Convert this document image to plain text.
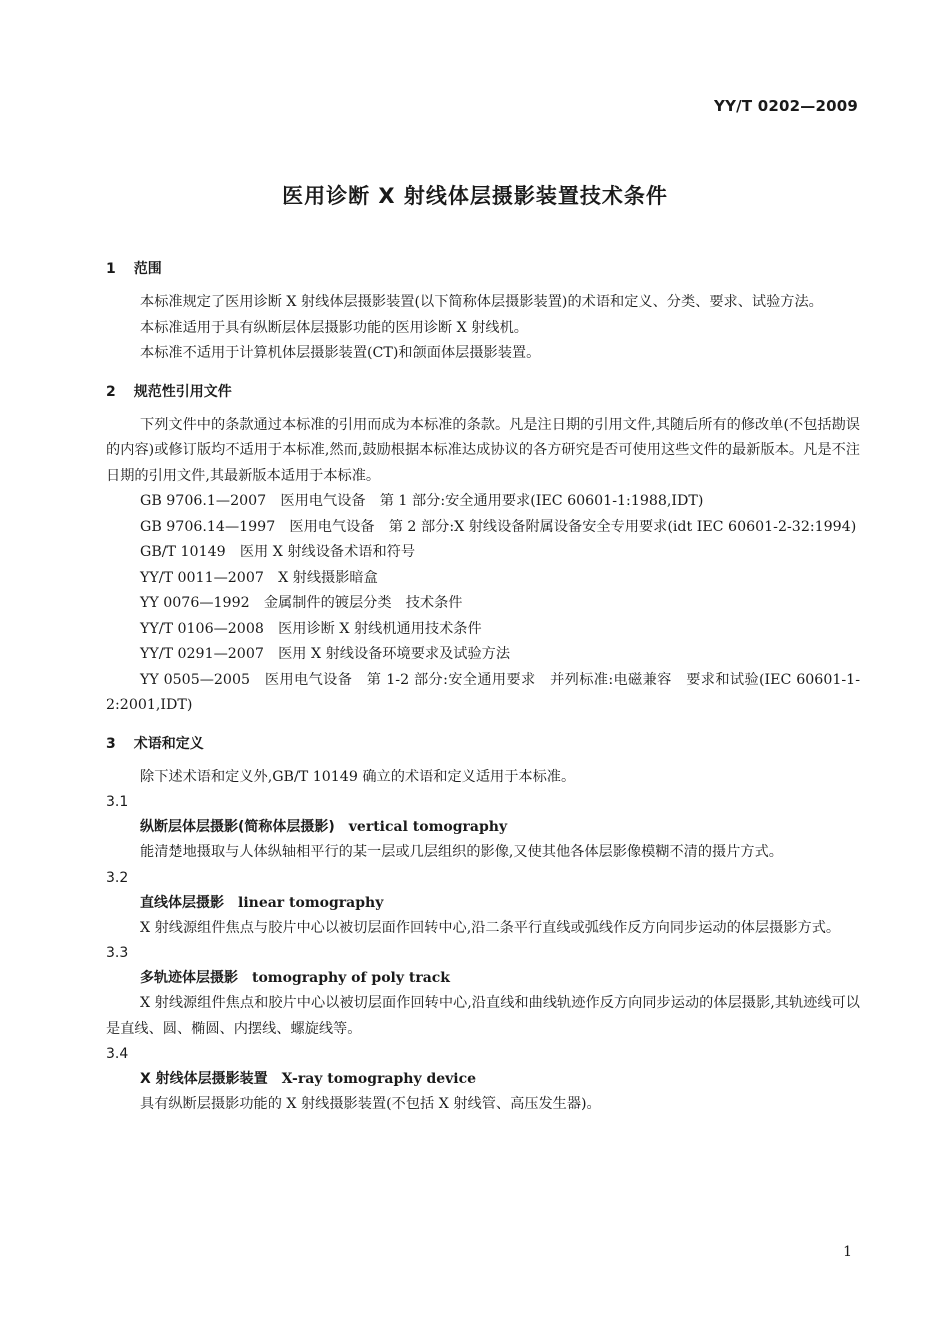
YY/T 0202—2009
医用诊断 X 射线体层摄影装置技术条件
1 范围

本标准规定了医用诊断 X 射线体层摄影装置(以下简称体层摄影装置)的术语和定义、分类、要求、试验方法。

本标准适用于具有纵断层体层摄影功能的医用诊断 X 射线机。

本标准不适用于计算机体层摄影装置(CT)和颌面体层摄影装置。

2 规范性引用文件

下列文件中的条款通过本标准的引用而成为本标准的条款。凡是注日期的引用文件,其随后所有的修改单(不包括勘误的内容)或修订版均不适用于本标准,然而,鼓励根据本标准达成协议的各方研究是否可使用这些文件的最新版本。凡是不注日期的引用文件,其最新版本适用于本标准。

GB 9706.1—2007　医用电气设备　第 1 部分:安全通用要求(IEC 60601-1:1988,IDT)

GB 9706.14—1997　医用电气设备　第 2 部分:X 射线设备附属设备安全专用要求(idt IEC 60601-2-32:1994)

GB/T 10149　医用 X 射线设备术语和符号

YY/T 0011—2007　X 射线摄影暗盒

YY 0076—1992　金属制件的镀层分类　技术条件

YY/T 0106—2008　医用诊断 X 射线机通用技术条件

YY/T 0291—2007　医用 X 射线设备环境要求及试验方法

YY 0505—2005　医用电气设备　第 1-2 部分:安全通用要求　并列标准:电磁兼容　要求和试验(IEC 60601-1-2:2001,IDT)

3 术语和定义

除下述术语和定义外,GB/T 10149 确立的术语和定义适用于本标准。

3.1
纵断层体层摄影(简称体层摄影) vertical tomography

能清楚地摄取与人体纵轴相平行的某一层或几层组织的影像,又使其他各体层影像模糊不清的摄片方式。

3.2
直线体层摄影 linear tomography

X 射线源组件焦点与胶片中心以被切层面作回转中心,沿二条平行直线或弧线作反方向同步运动的体层摄影方式。

3.3
多轨迹体层摄影 tomography of poly track

X 射线源组件焦点和胶片中心以被切层面作回转中心,沿直线和曲线轨迹作反方向同步运动的体层摄影,其轨迹线可以是直线、圆、椭圆、内摆线、螺旋线等。

3.4
X 射线体层摄影装置 X-ray tomography device

具有纵断层摄影功能的 X 射线摄影装置(不包括 X 射线管、高压发生器)。

1
